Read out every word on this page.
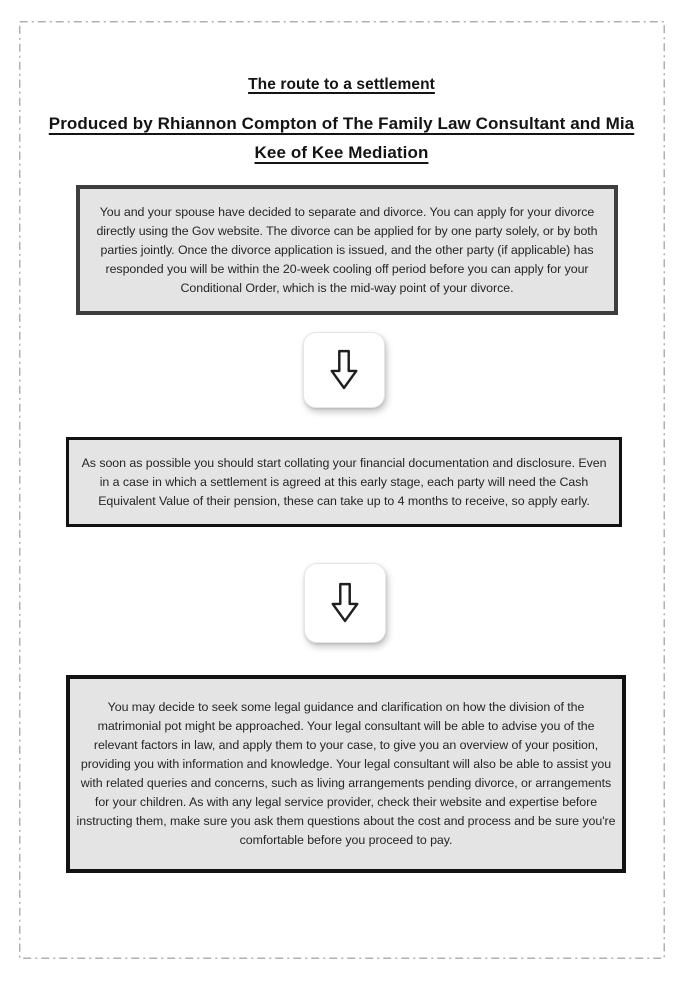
The route to a settlement
Produced by Rhiannon Compton of The Family Law Consultant and Mia Kee of Kee Mediation
You and your spouse have decided to separate and divorce. You can apply for your divorce directly using the Gov website. The divorce can be applied for by one party solely, or by both parties jointly. Once the divorce application is issued, and the other party (if applicable) has responded you will be within the 20-week cooling off period before you can apply for your Conditional Order, which is the mid-way point of your divorce.
As soon as possible you should start collating your financial documentation and disclosure. Even in a case in which a settlement is agreed at this early stage, each party will need the Cash Equivalent Value of their pension, these can take up to 4 months to receive, so apply early.
You may decide to seek some legal guidance and clarification on how the division of the matrimonial pot might be approached. Your legal consultant will be able to advise you of the relevant factors in law, and apply them to your case, to give you an overview of your position, providing you with information and knowledge. Your legal consultant will also be able to assist you with related queries and concerns, such as living arrangements pending divorce, or arrangements for your children. As with any legal service provider, check their website and expertise before instructing them, make sure you ask them questions about the cost and process and be sure you're comfortable before you proceed to pay.
